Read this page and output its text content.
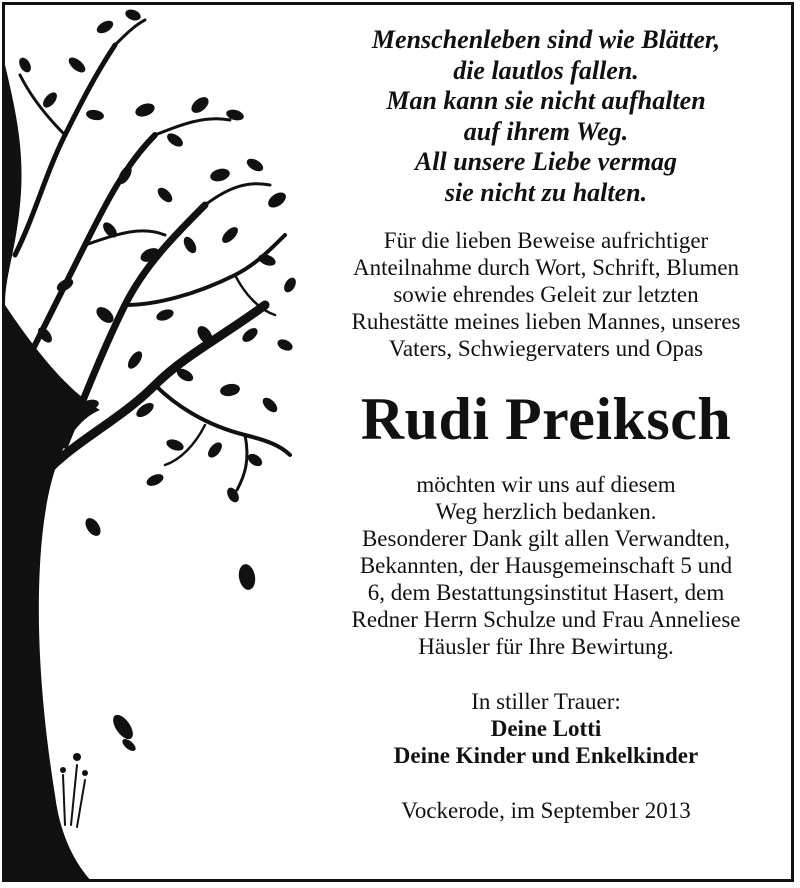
Menschenleben sind wie Blätter,

die lautlos fallen.

Man kann sie nicht aufhalten

auf ihrem Weg.

All unsere Liebe vermag

sie nicht zu halten.

Für die lieben Beweise aufrichtiger

Anteilnahme durch Wort, Schrift, Blumen

sowie ehrendes Geleit zur letzten

Ruhestätte meines lieben Mannes, unseres

Vaters, Schwiegervaters und Opas

Rudi Preiksch

möchten wir uns auf diesem

Weg herzlich bedanken.

Besonderer Dank gilt allen Verwandten,

Bekannten, der Hausgemeinschaft 5 und

6, dem Bestattungsinstitut Hasert, dem

Redner Herrn Schulze und Frau Anneliese

Häusler für Ihre Bewirtung.

In stiller Trauer:

Deine Lotti

Deine Kinder und Enkelkinder

Vockerode, im September 2013
